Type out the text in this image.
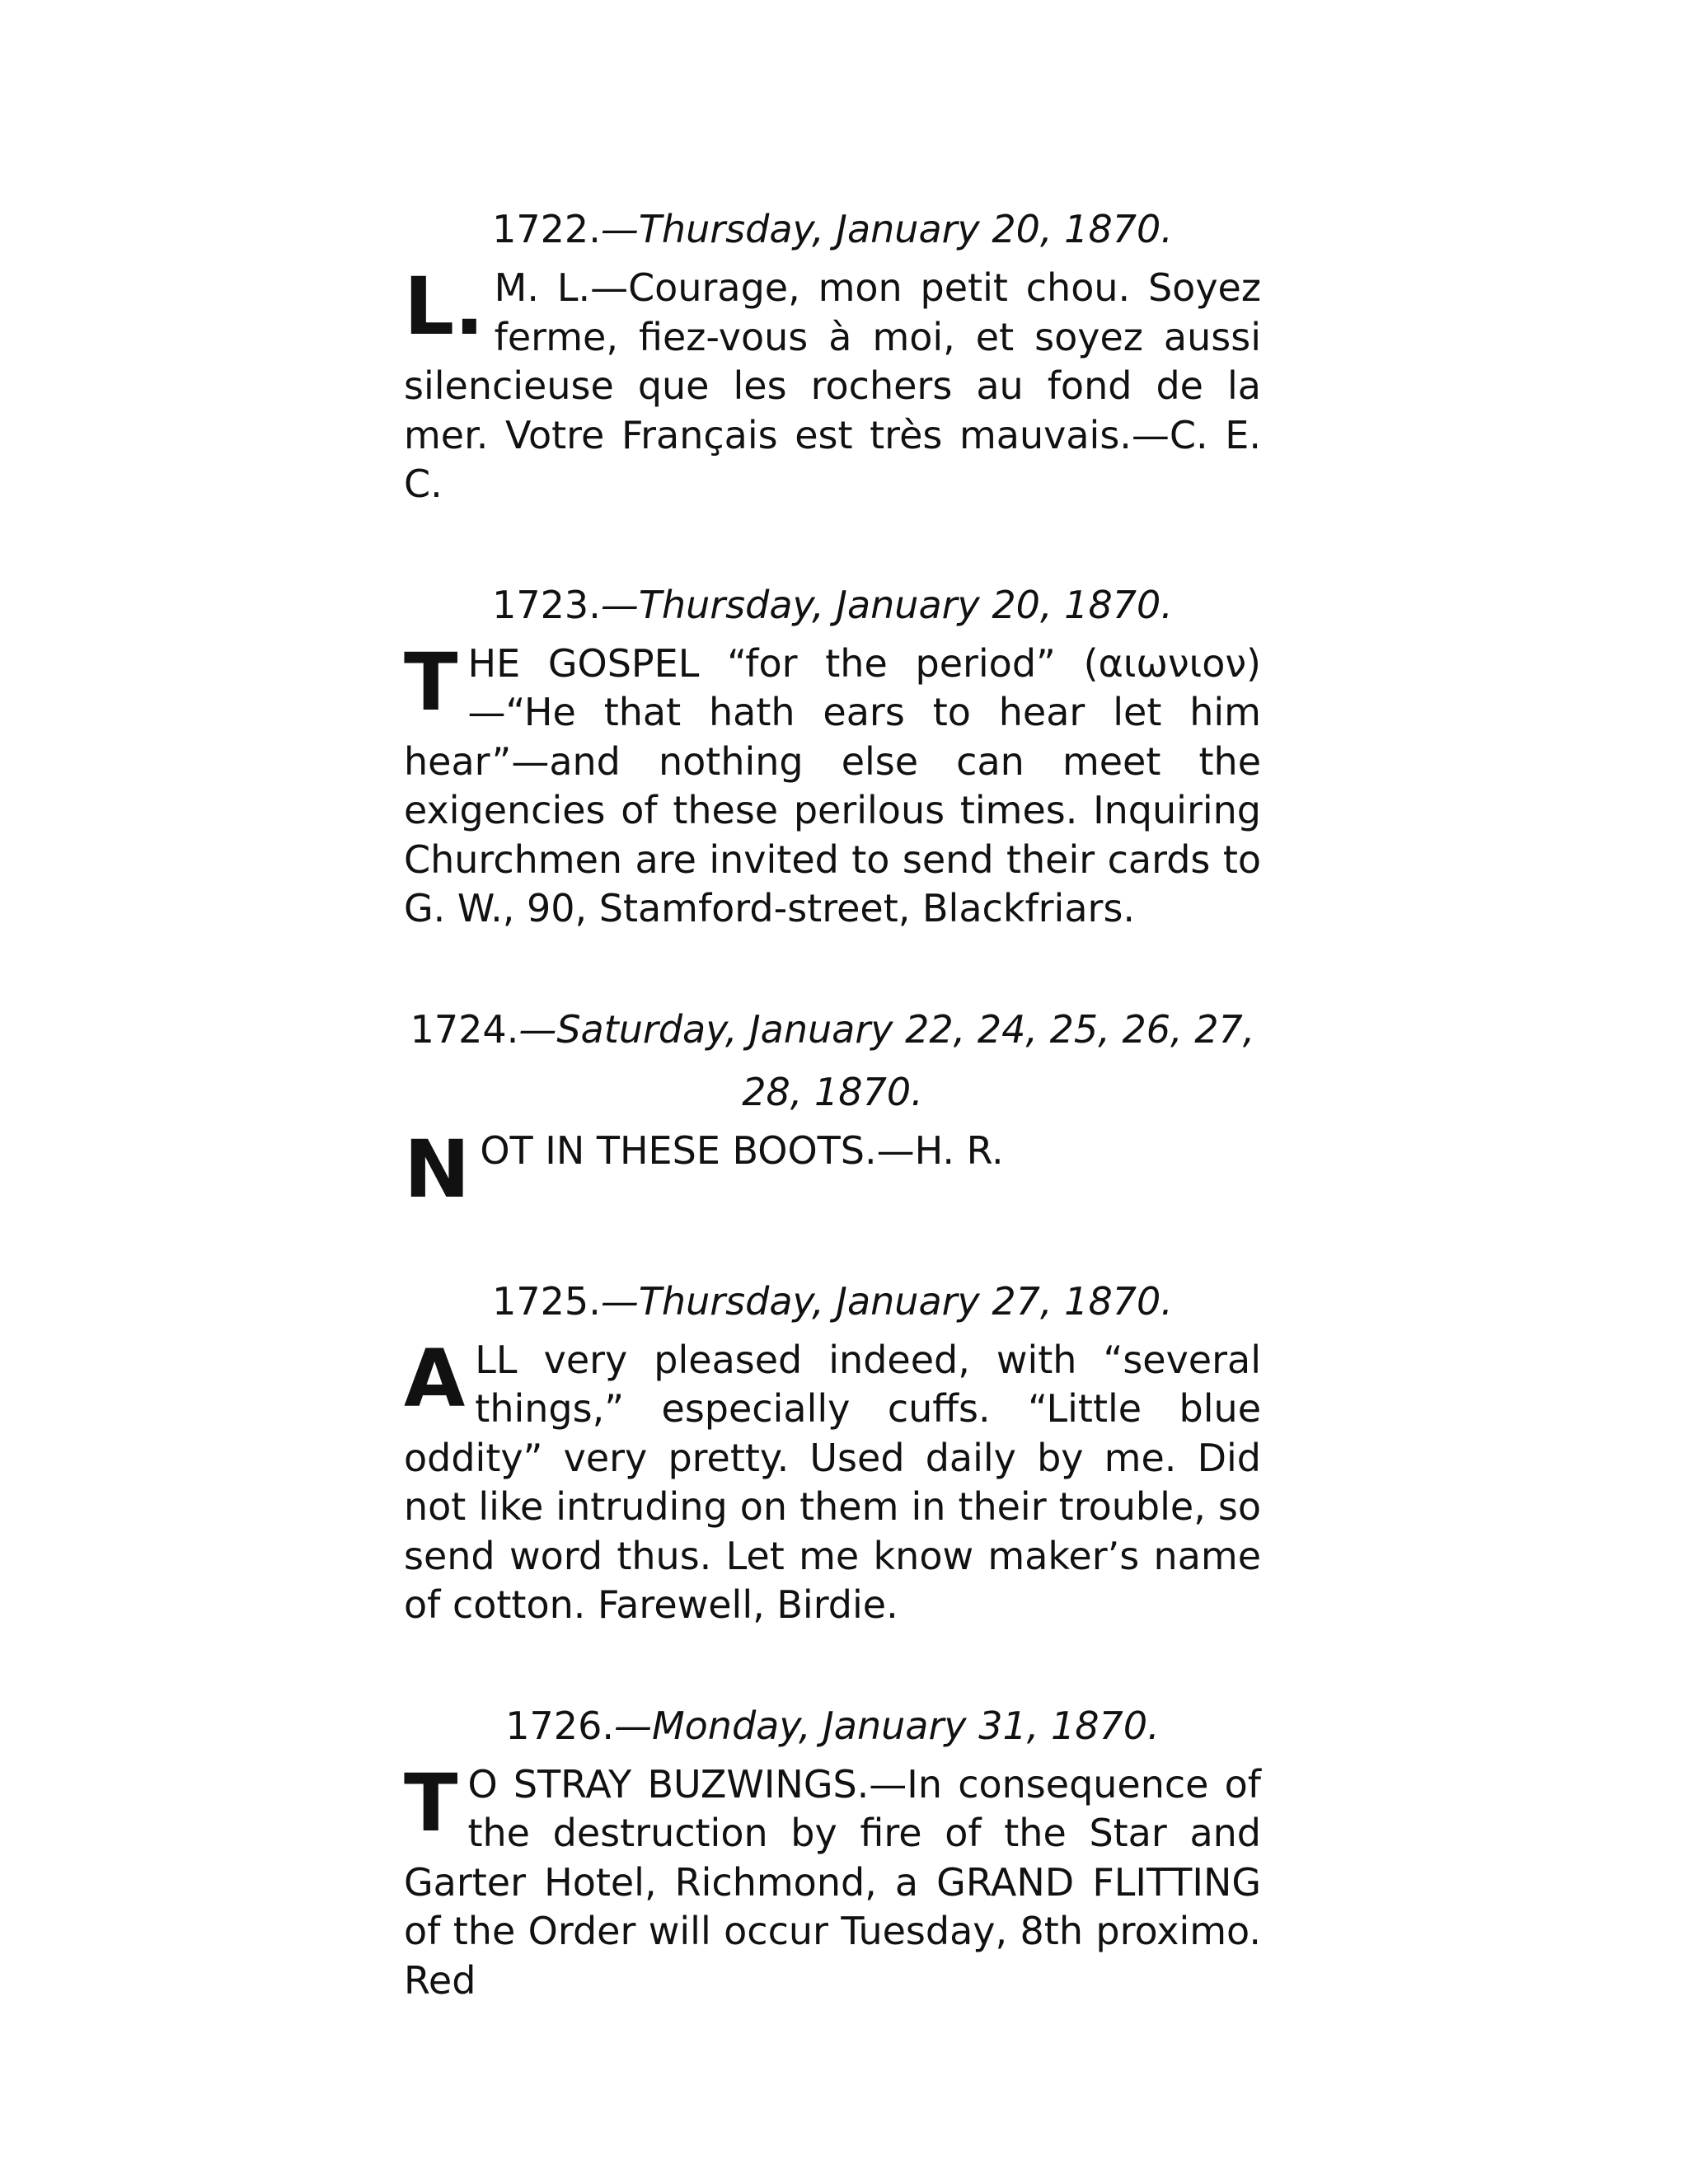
1722.—Thursday, January 20, 1870.

L. M. L.—Courage, mon petit chou. Soyez ferme, fiez-vous à moi, et soyez aussi silencieuse que les rochers au fond de la mer. Votre Français est très mauvais.—C. E. C.

1723.—Thursday, January 20, 1870.

THE GOSPEL “for the period” (αιωνιον)—“He that hath ears to hear let him hear”—and nothing else can meet the exigencies of these perilous times. Inquiring Churchmen are invited to send their cards to G. W., 90, Stamford-street, Blackfriars.

1724.—Saturday, January 22, 24, 25, 26, 27, 28, 1870.

NOT IN THESE BOOTS.—H. R.

1725.—Thursday, January 27, 1870.

ALL very pleased indeed, with “several things,” especially cuffs. “Little blue oddity” very pretty. Used daily by me. Did not like intruding on them in their trouble, so send word thus. Let me know maker’s name of cotton. Farewell, Birdie.

1726.—Monday, January 31, 1870.

T O STRAY BUZWINGS.—In consequence of the destruction by fire of the Star and Garter Hotel, Richmond, a GRAND FLITTING of the Order will occur Tuesday, 8th proximo. Red
